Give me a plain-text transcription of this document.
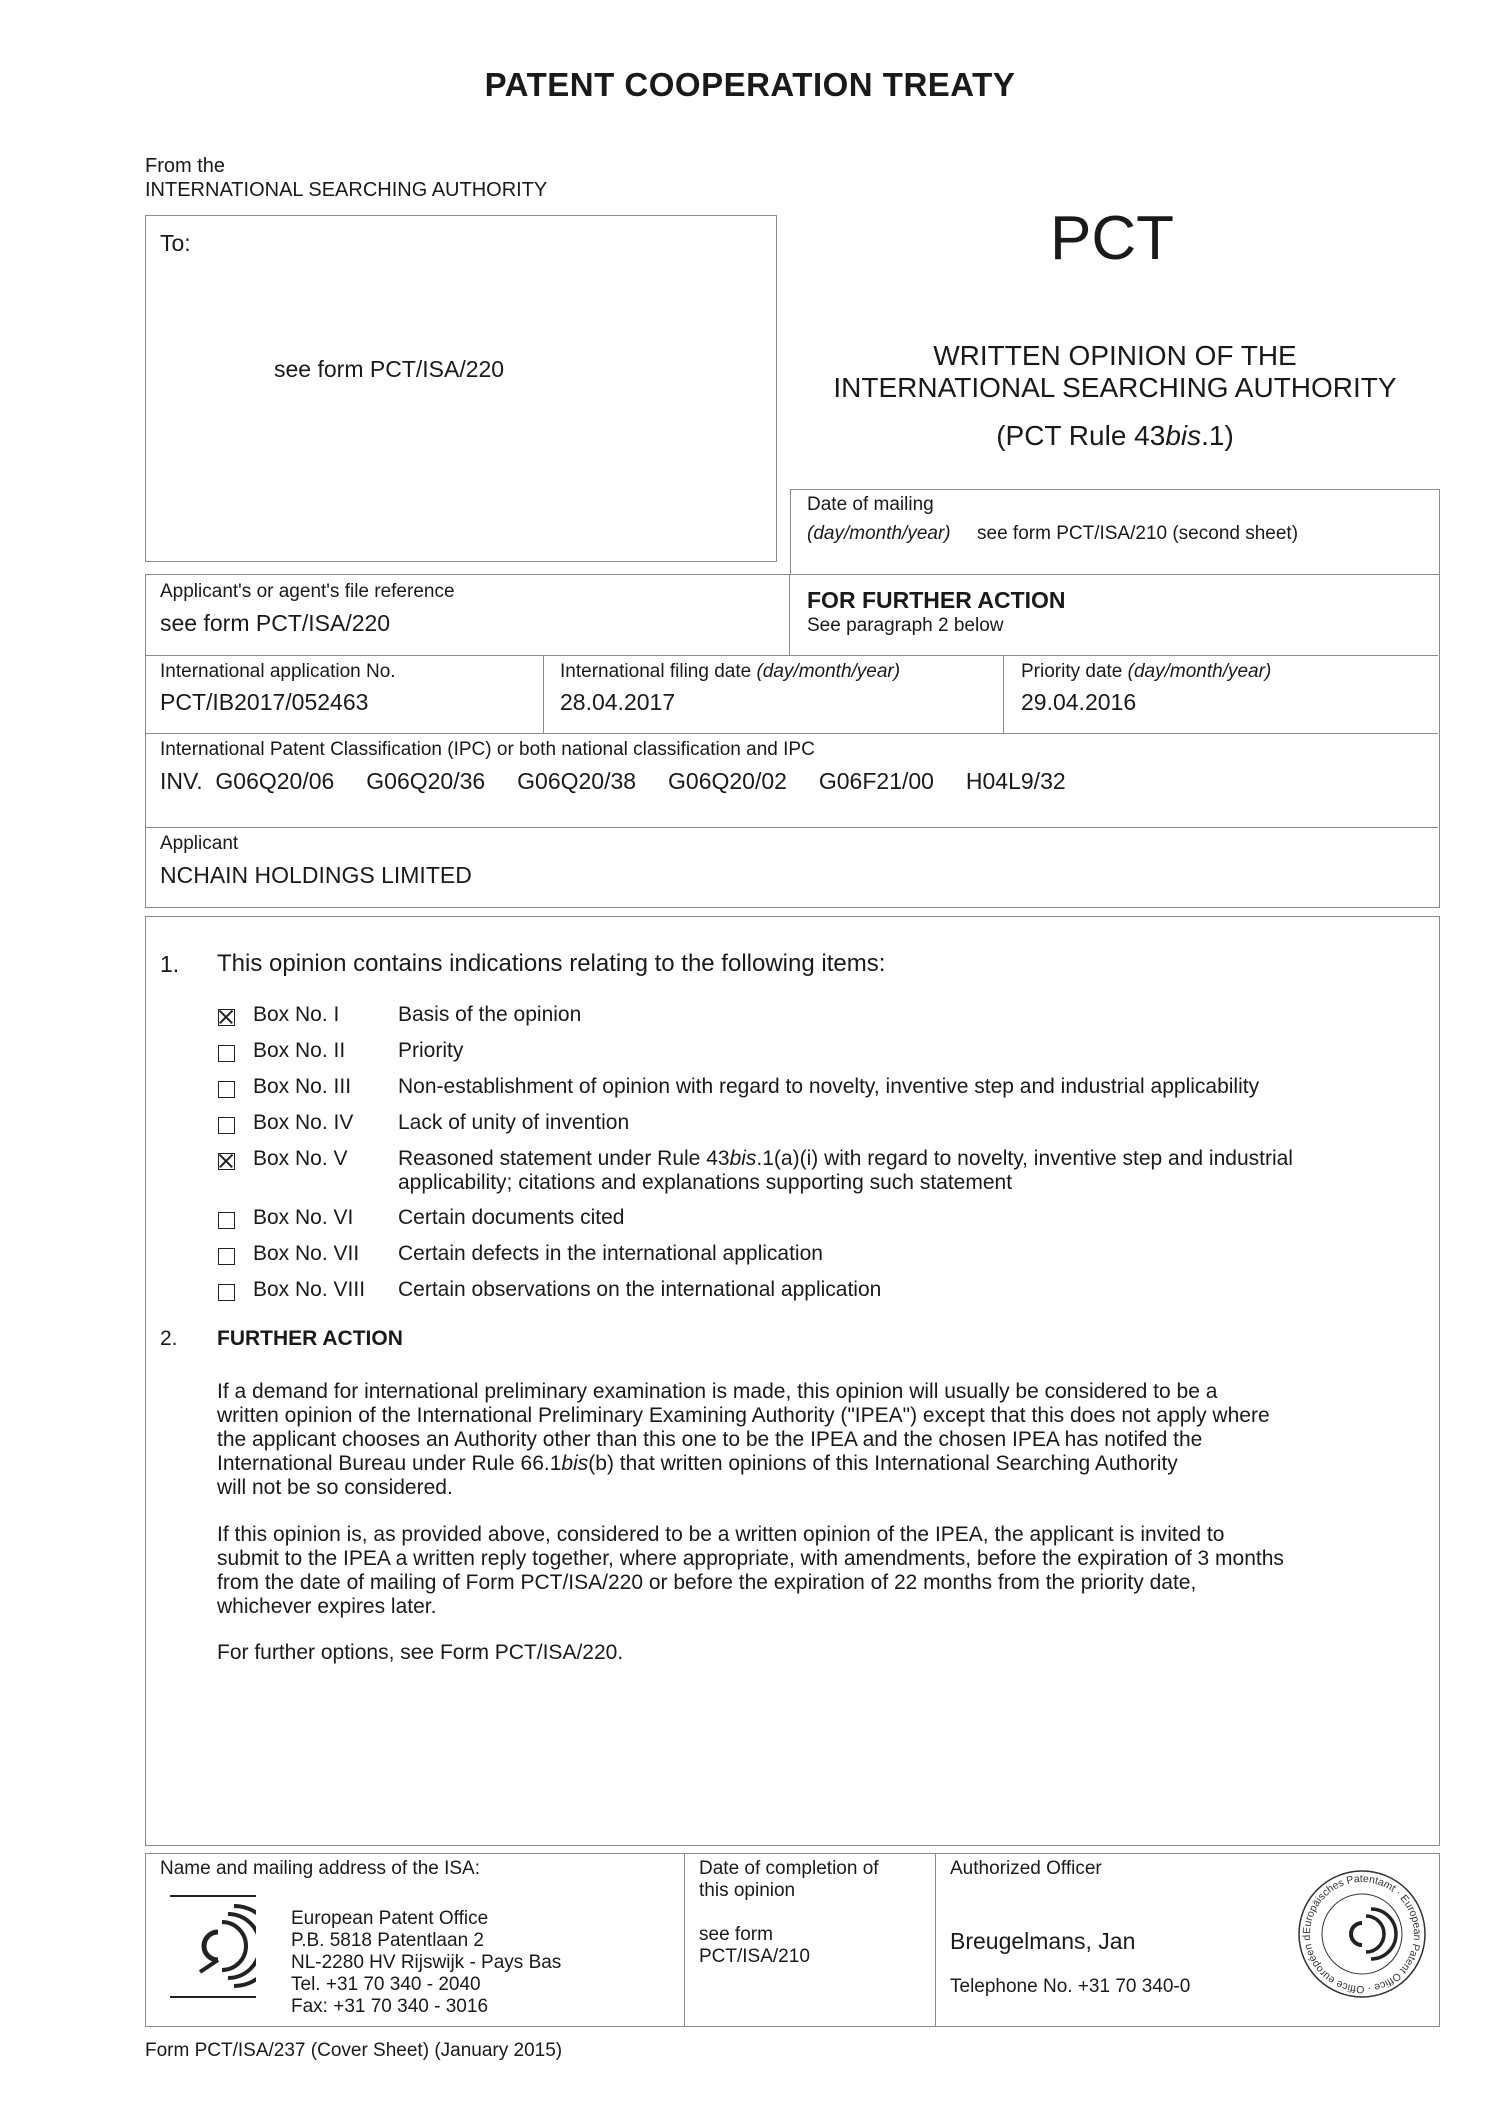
PATENT COOPERATION TREATY
From the
INTERNATIONAL SEARCHING AUTHORITY
To:
see form PCT/ISA/220
PCT
WRITTEN OPINION OF THE
INTERNATIONAL SEARCHING AUTHORITY
(PCT Rule 43bis.1)
Date of mailing
(day/month/year) see form PCT/ISA/210 (second sheet)
Applicant's or agent's file reference
see form PCT/ISA/220
FOR FURTHER ACTION
See paragraph 2 below
International application No.
PCT/IB2017/052463
International filing date (day/month/year)
28.04.2017
Priority date (day/month/year)
29.04.2016
International Patent Classification (IPC) or both national classification and IPC
INV.  G06Q20/06     G06Q20/36     G06Q20/38     G06Q20/02     G06F21/00     H04L9/32
Applicant
NCHAIN HOLDINGS LIMITED
1. This opinion contains indications relating to the following items:
Box No. I	Basis of the opinion
Box No. II	Priority
Box No. III Non-establishment of opinion with regard to novelty, inventive step and industrial applicability
Box No. IV Lack of unity of invention
Box No. V Reasoned statement under Rule 43bis.1(a)(i) with regard to novelty, inventive step and industrial
applicability; citations and explanations supporting such statement
Box No. VI Certain documents cited
Box No. VII Certain defects in the international application
Box No. VIII Certain observations on the international application
2. FURTHER ACTION
If a demand for international preliminary examination is made, this opinion will usually be considered to be a
written opinion of the International Preliminary Examining Authority ("IPEA") except that this does not apply where
the applicant chooses an Authority other than this one to be the IPEA and the chosen IPEA has notifed the
International Bureau under Rule 66.1bis(b) that written opinions of this International Searching Authority
will not be so considered.
If this opinion is, as provided above, considered to be a written opinion of the IPEA, the applicant is invited to
submit to the IPEA a written reply together, where appropriate, with amendments, before the expiration of 3 months
from the date of mailing of Form PCT/ISA/220 or before the expiration of 22 months from the priority date,
whichever expires later.
For further options, see Form PCT/ISA/220.
Name and mailing address of the ISA:
European Patent Office
P.B. 5818 Patentlaan 2
NL-2280 HV Rijswijk - Pays Bas
Tel. +31 70 340 - 2040
Fax: +31 70 340 - 3016
Date of completion of
this opinion
see form
PCT/ISA/210
Authorized Officer
Breugelmans, Jan
Telephone No. +31 70 340-0
Europäisches Patentamt · European Patent Office · Office européen d
Form PCT/ISA/237 (Cover Sheet) (January 2015)
